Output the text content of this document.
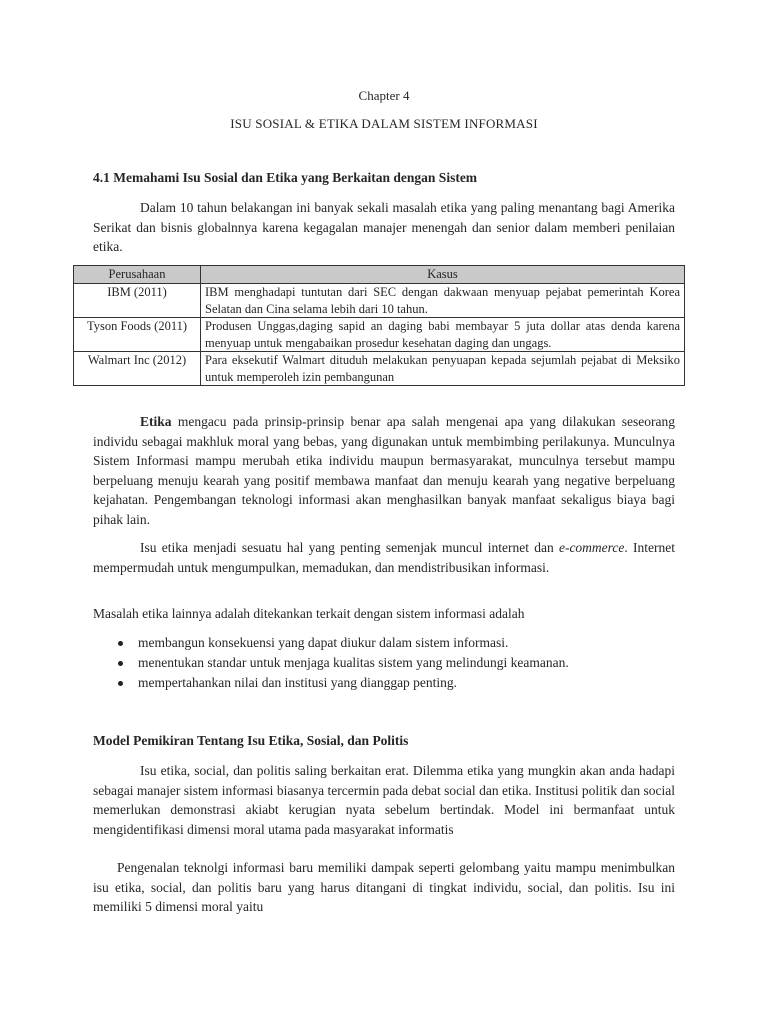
Chapter 4
ISU SOSIAL & ETIKA DALAM SISTEM INFORMASI
4.1 Memahami Isu Sosial dan Etika yang Berkaitan dengan Sistem
Dalam 10 tahun belakangan ini banyak sekali masalah etika yang paling menantang bagi Amerika Serikat dan bisnis globalnnya karena kegagalan manajer menengah dan senior dalam memberi penilaian etika.
Perusahaan	Kasus
IBM (2011)	IBM menghadapi tuntutan dari SEC dengan dakwaan menyuap pejabat pemerintah Korea Selatan dan Cina selama lebih dari 10 tahun.
Tyson Foods (2011)	Produsen Unggas,daging sapid an daging babi membayar 5 juta dollar atas denda karena menyuap untuk mengabaikan prosedur kesehatan daging dan ungags.
Walmart Inc (2012)	Para eksekutif Walmart dituduh melakukan penyuapan kepada sejumlah pejabat di Meksiko untuk memperoleh izin pembangunan
Etika mengacu pada prinsip-prinsip benar apa salah mengenai apa yang dilakukan seseorang individu sebagai makhluk moral yang bebas, yang digunakan untuk membimbing perilakunya. Munculnya Sistem Informasi mampu merubah etika individu maupun bermasyarakat, munculnya tersebut mampu berpeluang menuju kearah yang positif membawa manfaat dan menuju kearah yang negative berpeluang kejahatan. Pengembangan teknologi informasi akan menghasilkan banyak manfaat sekaligus biaya bagi pihak lain.
Isu etika menjadi sesuatu hal yang penting semenjak muncul internet dan e-commerce. Internet mempermudah untuk mengumpulkan, memadukan, dan mendistribusikan informasi.
Masalah etika lainnya adalah ditekankan terkait dengan sistem informasi adalah
membangun konsekuensi yang dapat diukur dalam sistem informasi.
menentukan standar untuk menjaga kualitas sistem yang melindungi keamanan.
mempertahankan nilai dan institusi yang dianggap penting.
Model Pemikiran Tentang Isu Etika, Sosial, dan Politis
Isu etika, social, dan politis saling berkaitan erat. Dilemma etika yang mungkin akan anda hadapi sebagai manajer sistem informasi biasanya tercermin pada debat social dan etika. Institusi politik dan social memerlukan demonstrasi akiabt kerugian nyata sebelum bertindak. Model ini bermanfaat untuk mengidentifikasi dimensi moral utama pada masyarakat informatis
Pengenalan teknolgi informasi baru memiliki dampak seperti gelombang yaitu mampu menimbulkan isu etika, social, dan politis baru yang harus ditangani di tingkat individu, social, dan politis. Isu ini memiliki 5 dimensi moral yaitu
